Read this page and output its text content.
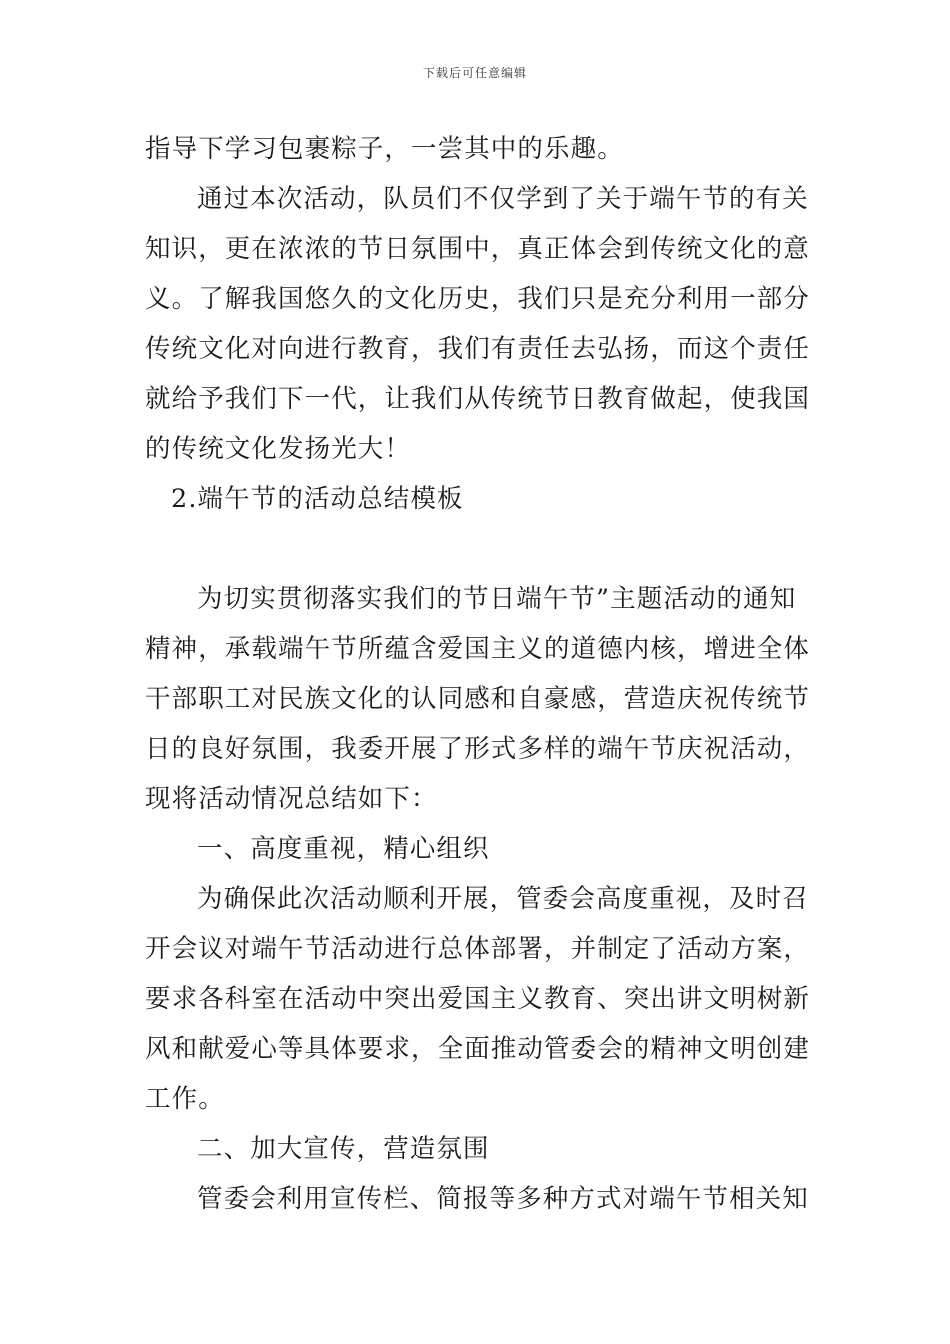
下载后可任意编辑
指导下学习包裹粽子，一尝其中的乐趣。
通过本次活动，队员们不仅学到了关于端午节的有关
知识，更在浓浓的节日氛围中，真正体会到传统文化的意
义。了解我国悠久的文化历史，我们只是充分利用一部分
传统文化对向进行教育，我们有责任去弘扬，而这个责任
就给予我们下一代，让我们从传统节日教育做起，使我国
的传统文化发扬光大！
2.端午节的活动总结模板
为切实贯彻落实我们的节日端午节”主题活动的通知
精神，承载端午节所蕴含爱国主义的道德内核，增进全体
干部职工对民族文化的认同感和自豪感，营造庆祝传统节
日的良好氛围，我委开展了形式多样的端午节庆祝活动，
现将活动情况总结如下：
一、高度重视，精心组织
为确保此次活动顺利开展，管委会高度重视，及时召
开会议对端午节活动进行总体部署，并制定了活动方案，
要求各科室在活动中突出爱国主义教育、突出讲文明树新
风和献爱心等具体要求，全面推动管委会的精神文明创建
工作。
二、加大宣传，营造氛围
管委会利用宣传栏、简报等多种方式对端午节相关知
